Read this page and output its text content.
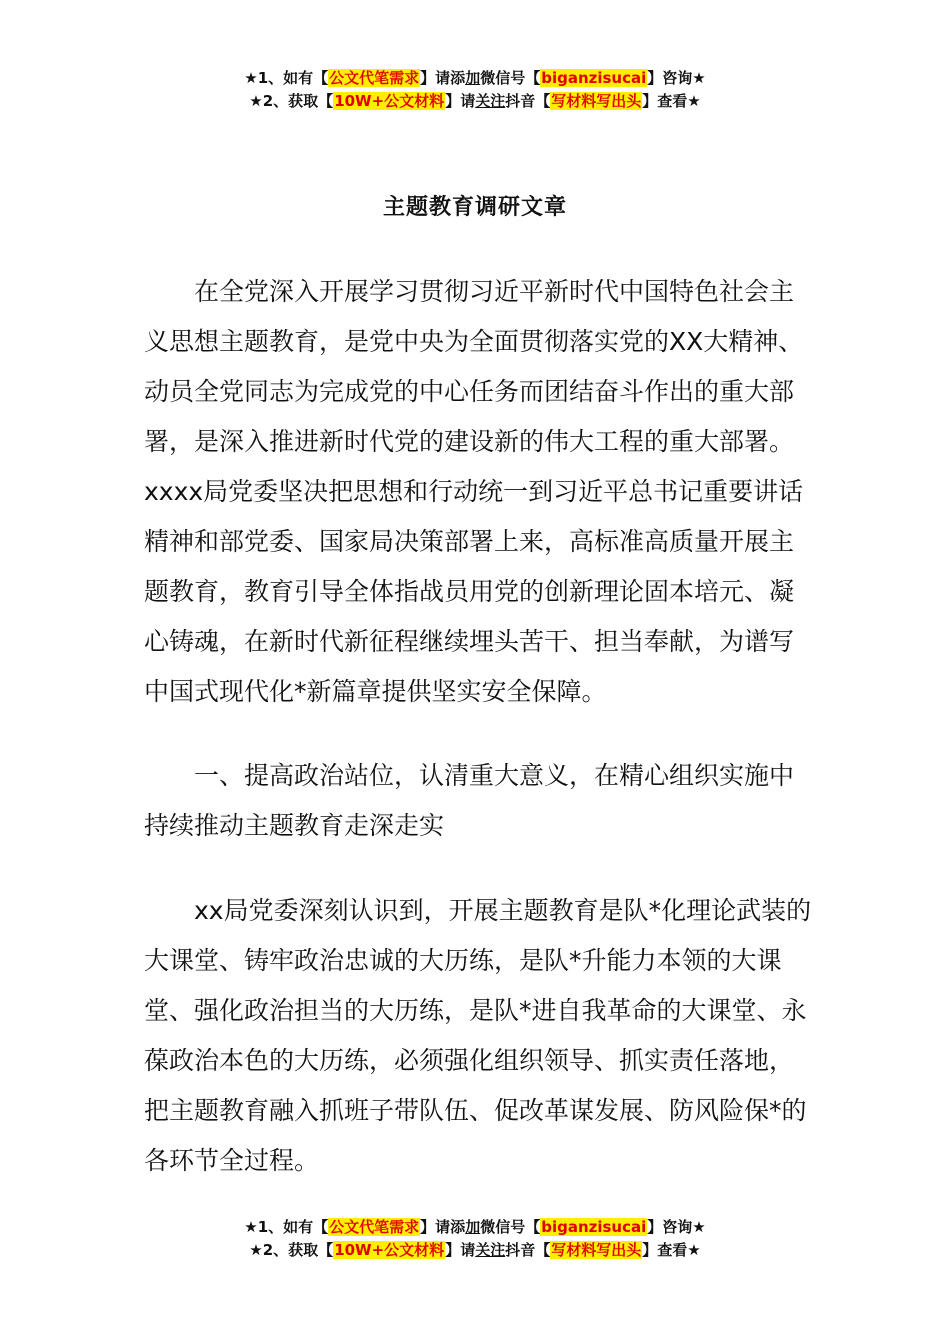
★1、如有【公文代笔需求】请添加微信号【biganzisucai】咨询★
★2、获取【10W+公文材料】请关注抖音【写材料写出头】查看★
主题教育调研文章

在全党深入开展学习贯彻习近平新时代中国特色社会主义思想主题教育，是党中央为全面贯彻落实党的XX大精神、动员全党同志为完成党的中心任务而团结奋斗作出的重大部署，是深入推进新时代党的建设新的伟大工程的重大部署。xxxx局党委坚决把思想和行动统一到习近平总书记重要讲话精神和部党委、国家局决策部署上来，高标准高质量开展主题教育，教育引导全体指战员用党的创新理论固本培元、凝心铸魂，在新时代新征程继续埋头苦干、担当奉献，为谱写中国式现代化*新篇章提供坚实安全保障。

一、提高政治站位，认清重大意义，在精心组织实施中持续推动主题教育走深走实

xx局党委深刻认识到，开展主题教育是队*化理论武装的大课堂、铸牢政治忠诚的大历练，是队*升能力本领的大课堂、强化政治担当的大历练，是队*进自我革命的大课堂、永葆政治本色的大历练，必须强化组织领导、抓实责任落地，把主题教育融入抓班子带队伍、促改革谋发展、防风险保*的各环节全过程。

★1、如有【公文代笔需求】请添加微信号【biganzisucai】咨询★
★2、获取【10W+公文材料】请关注抖音【写材料写出头】查看★
